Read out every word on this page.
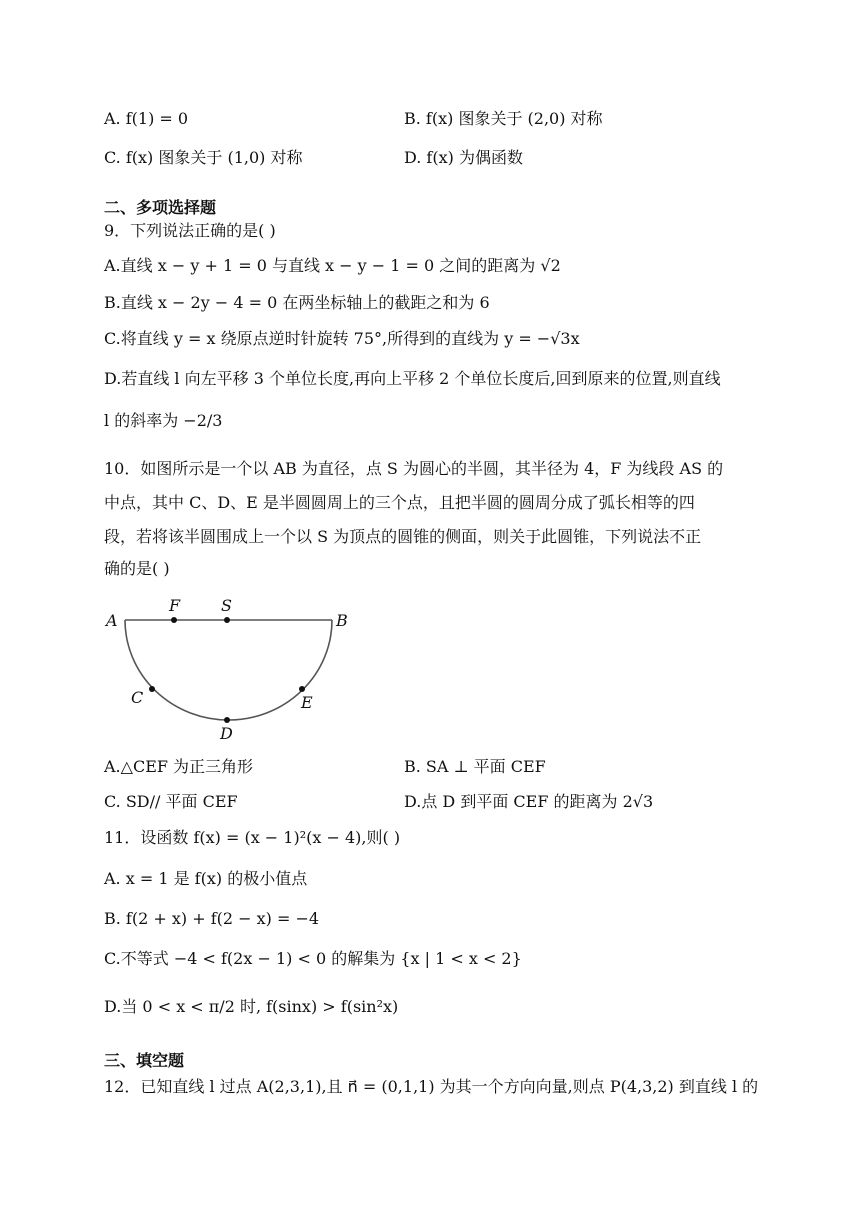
A. f(1) = 0	B. f(x) 图象关于 (2,0) 对称
C. f(x) 图象关于 (1,0) 对称	D. f(x) 为偶函数
二、多项选择题
9．下列说法正确的是( )
A.直线 x − y + 1 = 0 与直线 x − y − 1 = 0 之间的距离为 √2
B.直线 x − 2y − 4 = 0 在两坐标轴上的截距之和为 6
C.将直线 y = x 绕原点逆时针旋转 75°,所得到的直线为 y = −√3x
D.若直线 l 向左平移 3 个单位长度,再向上平移 2 个单位长度后,回到原来的位置,则直线
l 的斜率为 −2/3
10．如图所示是一个以 AB 为直径，点 S 为圆心的半圆，其半径为 4，F 为线段 AS 的
中点，其中 C、D、E 是半圆圆周上的三个点，且把半圆的圆周分成了弧长相等的四
段，若将该半圆围成上一个以 S 为顶点的圆锥的侧面，则关于此圆锥，下列说法不正
确的是( )
A
F	S
B
C
D
E
A.△CEF 为正三角形	B. SA ⊥ 平面 CEF
C. SD// 平面 CEF	D.点 D 到平面 CEF 的距离为 2√3
11．设函数 f(x) = (x − 1)²(x − 4),则( )
A. x = 1 是 f(x) 的极小值点
B. f(2 + x) + f(2 − x) = −4
C.不等式 −4 < f(2x − 1) < 0 的解集为 {x | 1 < x < 2}
D.当 0 < x < π/2 时, f(sinx) > f(sin²x)
三、填空题
12．已知直线 l 过点 A(2,3,1),且 n⃗ = (0,1,1) 为其一个方向向量,则点 P(4,3,2) 到直线 l 的
